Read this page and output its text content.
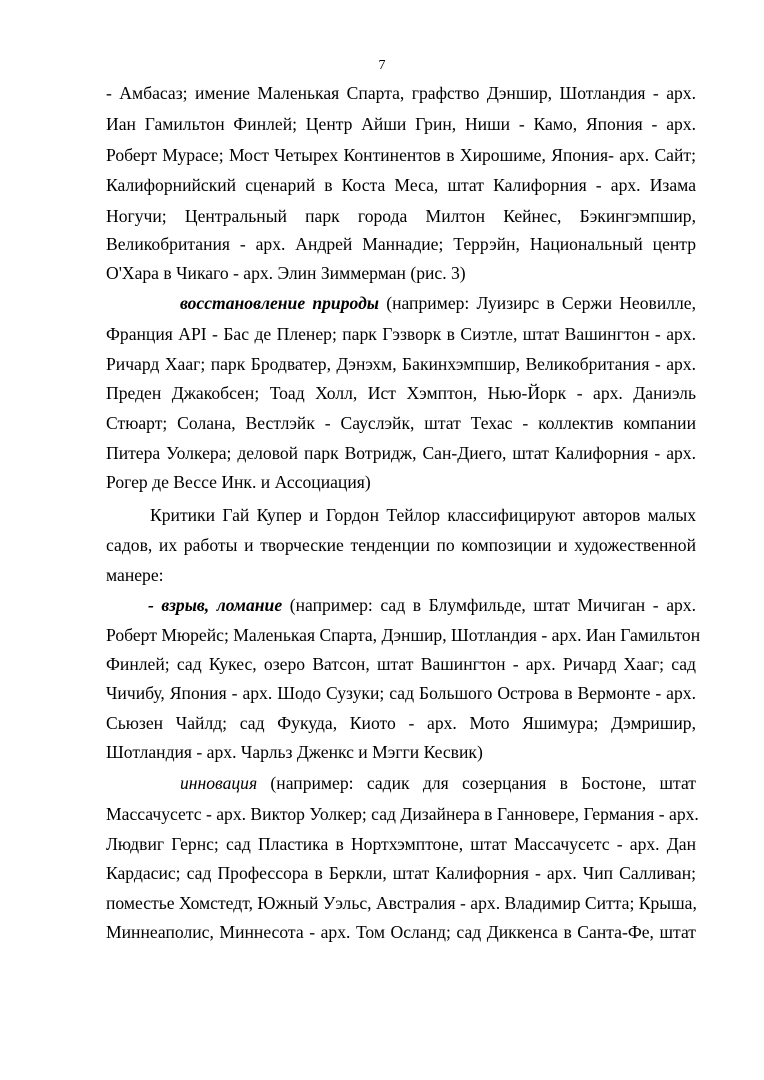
7
- Амбасаз; имение Маленькая Спарта, графство Дэншир, Шотландия - арх.
Иан Гамильтон Финлей; Центр Айши Грин, Ниши - Камо, Япония - арх.
Роберт Мурасе; Мост Четырех Континентов в Хирошиме, Япония- арх. Сайт;
Калифорнийский сценарий в Коста Меса, штат Калифорния - арх. Изама
Ногучи; Центральный парк города Милтон Кейнес, Бэкингэмпшир,
Великобритания - арх. Андрей Маннадие; Террэйн, Национальный центр
О'Хара в Чикаго - арх. Элин Зиммерман (рис. 3)
восстановление природы (например: Луизирс в Сержи Неовилле,
Франция API - Бас де Пленер; парк Гэзворк в Сиэтле, штат Вашингтон - арх.
Ричард Хааг; парк Бродватер, Дэнэхм, Бакинхэмпшир, Великобритания - арх.
Преден Джакобсен; Тоад Холл, Ист Хэмптон, Нью-Йорк - арх. Даниэль
Стюарт; Солана, Вестлэйк - Сауслэйк, штат Техас - коллектив компании
Питера Уолкера; деловой парк Вотридж, Сан-Диего, штат Калифорния - арх.
Рогер де Вессе Инк. и Ассоциация)
Критики Гай Купер и Гордон Тейлор классифицируют авторов малых
садов, их работы и творческие тенденции по композиции и художественной
манере:
- взрыв, ломание (например: сад в Блумфильде, штат Мичиган - арх.
Роберт Мюрейс; Маленькая Спарта, Дэншир, Шотландия - арх. Иан Гамильтон
Финлей; сад Кукес, озеро Ватсон, штат Вашингтон - арх. Ричард Хааг; сад
Чичибу, Япония - арх. Шодо Сузуки; сад Большого Острова в Вермонте - арх.
Сьюзен Чайлд; сад Фукуда, Киото - арх. Мото Яшимура; Дэмришир,
Шотландия - арх. Чарльз Дженкс и Мэгги Кесвик)
инновация (например: садик для созерцания в Бостоне, штат
Массачусетс - арх. Виктор Уолкер; сад Дизайнера в Ганновере, Германия - арх.
Людвиг Гернс; сад Пластика в Нортхэмптоне, штат Массачусетс - арх. Дан
Кардасис; сад Профессора в Беркли, штат Калифорния - арх. Чип Салливан;
поместье Хомстедт, Южный Уэльс, Австралия - арх. Владимир Ситта; Крыша,
Миннеаполис, Миннесота - арх. Том Осланд; сад Диккенса в Санта-Фе, штат
